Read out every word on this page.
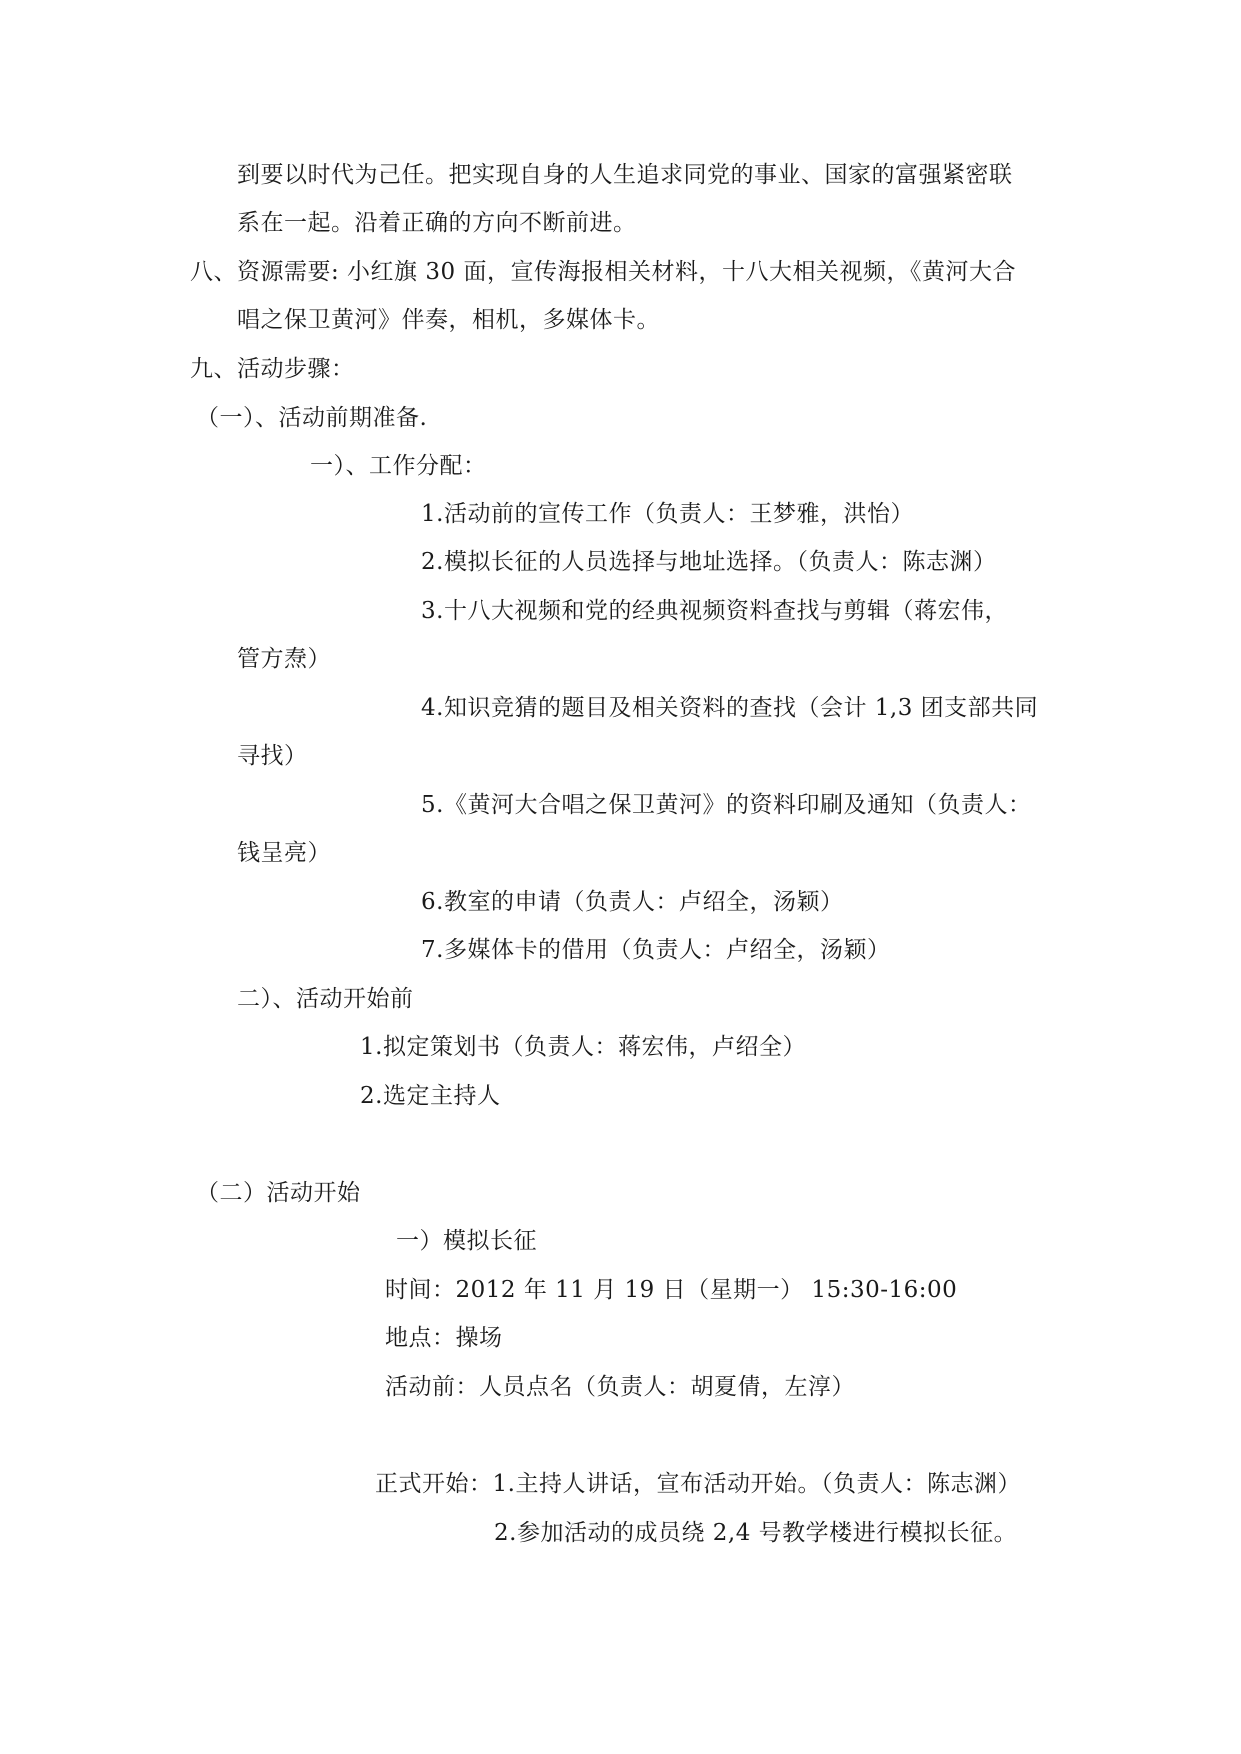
到要以时代为己任。把实现自身的人生追求同党的事业、国家的富强紧密联
系在一起。沿着正确的方向不断前进。
八、资源需要: 小红旗 30 面，宣传海报相关材料，十八大相关视频，《黄河大合
唱之保卫黄河》伴奏，相机，多媒体卡。
九、活动步骤：
（一）、活动前期准备.
一）、工作分配：
1.活动前的宣传工作（负责人：王梦雅，洪怡）
2.模拟长征的人员选择与地址选择。（负责人：陈志渊）
3.十八大视频和党的经典视频资料查找与剪辑（蒋宏伟，
管方焘）
4.知识竞猜的题目及相关资料的查找（会计 1,3 团支部共同
寻找）
5.《黄河大合唱之保卫黄河》的资料印刷及通知（负责人：
钱呈亮）
6.教室的申请（负责人：卢绍全，汤颖）
7.多媒体卡的借用（负责人：卢绍全，汤颖）
二）、活动开始前
1.拟定策划书（负责人：蒋宏伟，卢绍全）
2.选定主持人
（二）活动开始
一）模拟长征
时间：2012 年 11 月 19 日（星期一） 15:30-16:00
地点：操场
活动前：人员点名（负责人：胡夏倩，左淳）
正式开始：1.主持人讲话，宣布活动开始。（负责人：陈志渊）
2.参加活动的成员绕 2,4 号教学楼进行模拟长征。
